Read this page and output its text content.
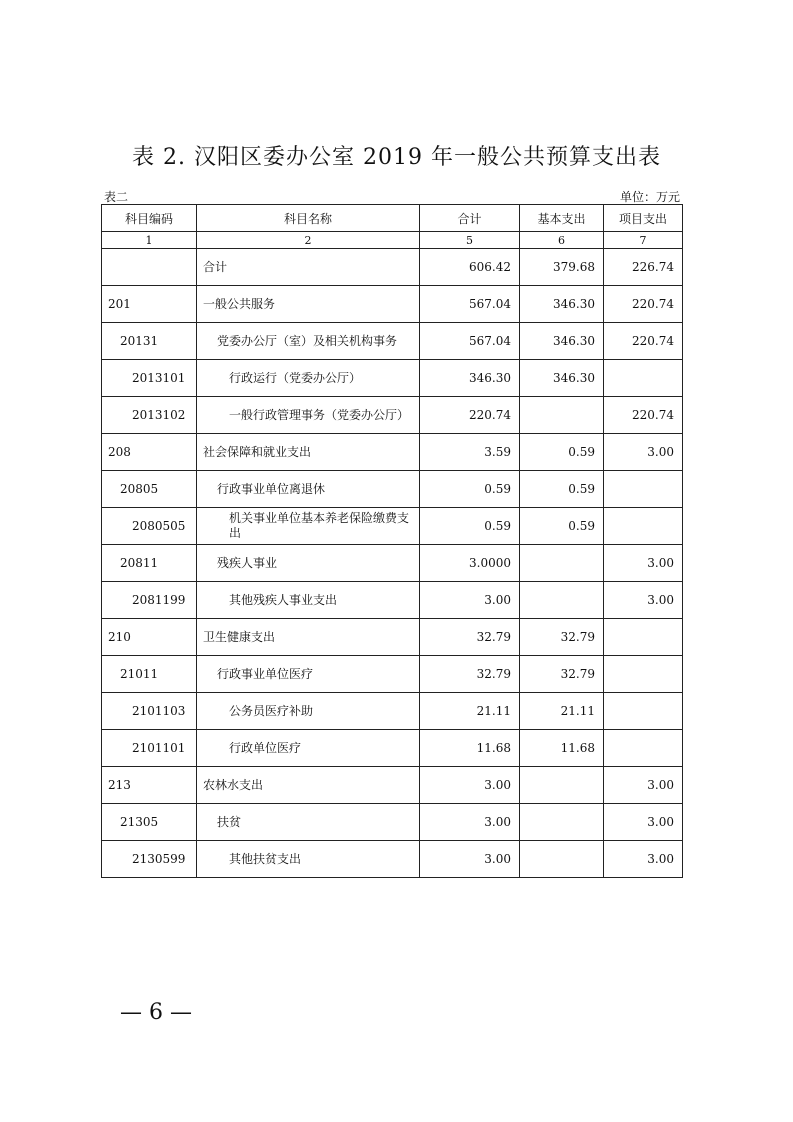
表 2. 汉阳区委办公室 2019 年一般公共预算支出表
表二	单位：万元
科目编码	科目名称	合计	基本支出	项目支出
1	2	5	6	7
	合计	606.42	379.68	226.74
201	一般公共服务	567.04	346.30	220.74
20131	党委办公厅（室）及相关机构事务	567.04	346.30	220.74
2013101	行政运行（党委办公厅）	346.30	346.30	
2013102	一般行政管理事务（党委办公厅）	220.74		220.74
208	社会保障和就业支出	3.59	0.59	3.00
20805	行政事业单位离退休	0.59	0.59	
2080505	机关事业单位基本养老保险缴费支出	0.59	0.59	
20811	残疾人事业	3.0000		3.00
2081199	其他残疾人事业支出	3.00		3.00
210	卫生健康支出	32.79	32.79	
21011	行政事业单位医疗	32.79	32.79	
2101103	公务员医疗补助	21.11	21.11	
2101101	行政单位医疗	11.68	11.68	
213	农林水支出	3.00		3.00
21305	扶贫	3.00		3.00
2130599	其他扶贫支出	3.00		3.00
— 6 —
